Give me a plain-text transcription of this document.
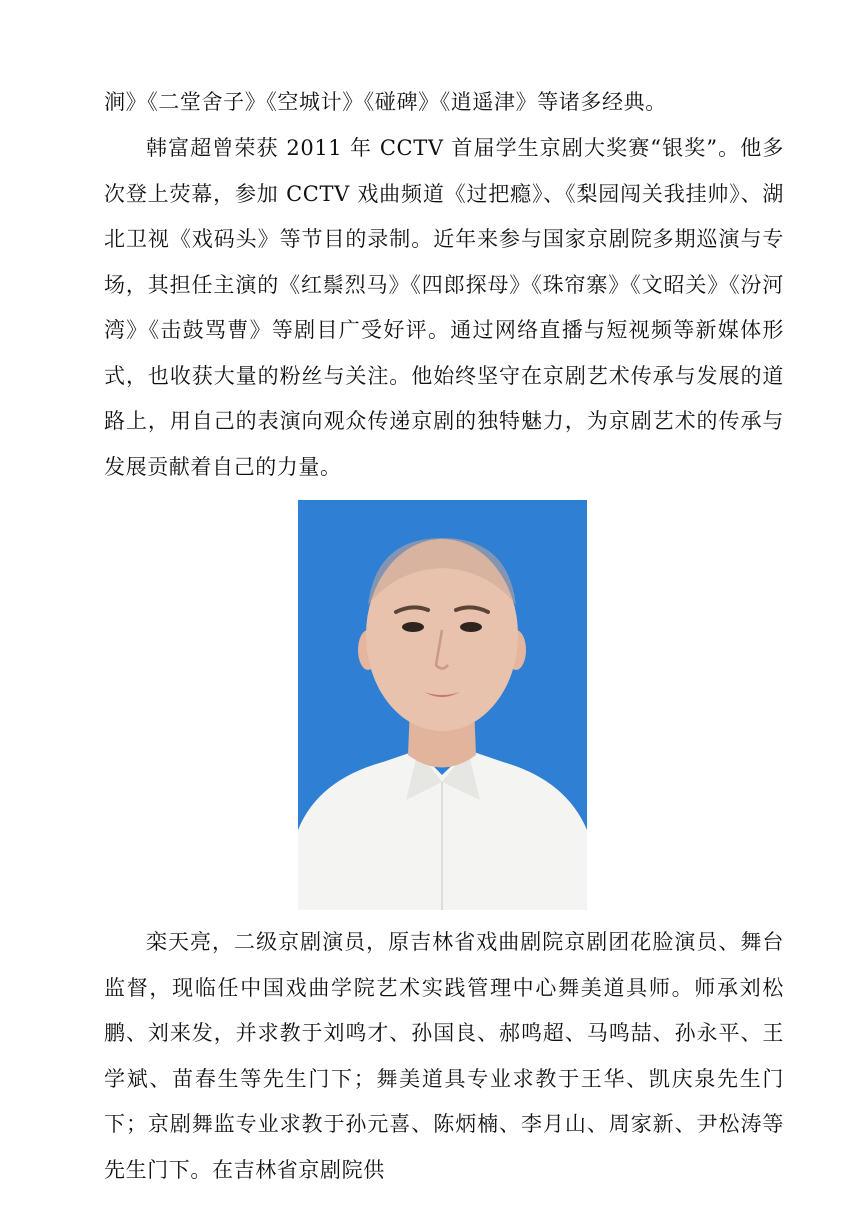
涧》《二堂舍子》《空城计》《碰碑》《逍遥津》等诸多经典。

韩富超曾荣获 2011 年 CCTV 首届学生京剧大奖赛“银奖”。他多次登上荧幕，参加 CCTV 戏曲频道《过把瘾》、《梨园闯关我挂帅》、湖北卫视《戏码头》等节目的录制。近年来参与国家京剧院多期巡演与专场，其担任主演的《红鬃烈马》《四郎探母》《珠帘寨》《文昭关》《汾河湾》《击鼓骂曹》等剧目广受好评。通过网络直播与短视频等新媒体形式，也收获大量的粉丝与关注。他始终坚守在京剧艺术传承与发展的道路上，用自己的表演向观众传递京剧的独特魅力，为京剧艺术的传承与发展贡献着自己的力量。

栾天亮，二级京剧演员，原吉林省戏曲剧院京剧团花脸演员、舞台监督，现临任中国戏曲学院艺术实践管理中心舞美道具师。师承刘松鹏、刘来发，并求教于刘鸣才、孙国良、郝鸣超、马鸣喆、孙永平、王学斌、苗春生等先生门下；舞美道具专业求教于王华、凯庆泉先生门下；京剧舞监专业求教于孙元喜、陈炳楠、李月山、周家新、尹松涛等先生门下。在吉林省京剧院供
